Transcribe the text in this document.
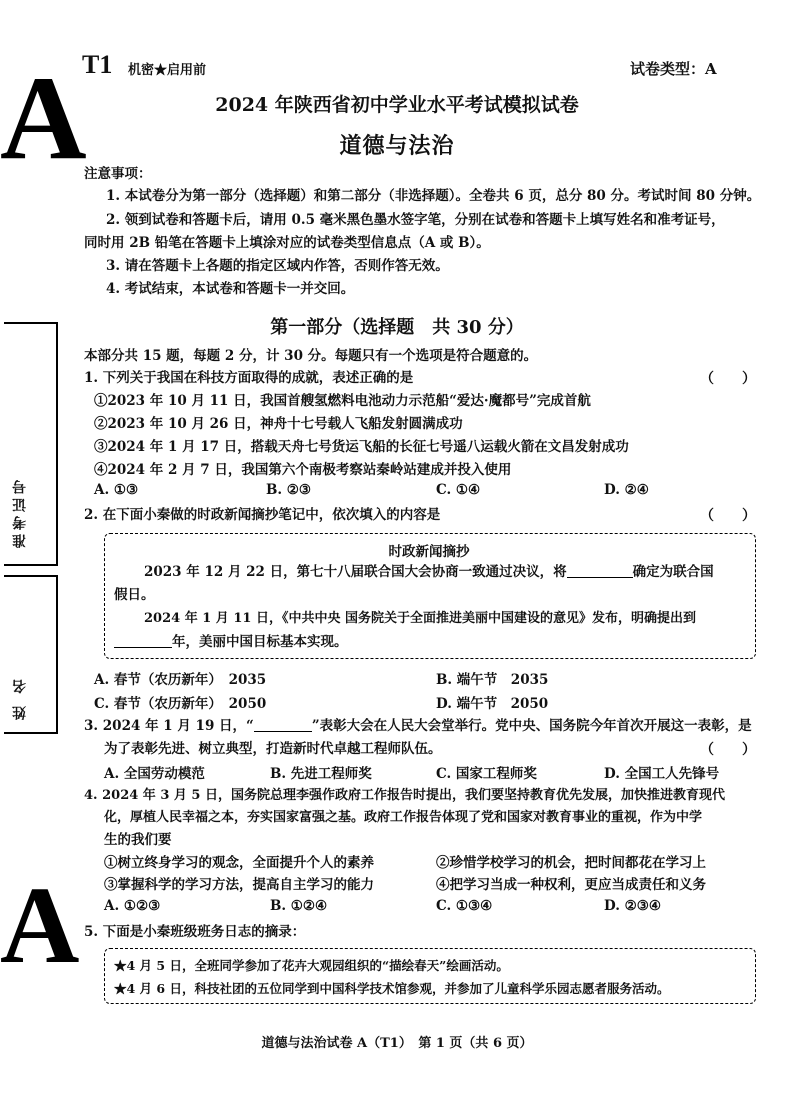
T1 机密★启用前	试卷类型：A
2024 年陕西省初中学业水平考试模拟试卷
道德与法治
A
A
准考证号
姓 名
注意事项：
1. 本试卷分为第一部分（选择题）和第二部分（非选择题）。全卷共 6 页，总分 80 分。考试时间 80 分钟。
2. 领到试卷和答题卡后，请用 0.5 毫米黑色墨水签字笔，分别在试卷和答题卡上填写姓名和准考证号，
同时用 2B 铅笔在答题卡上填涂对应的试卷类型信息点（A 或 B）。
3. 请在答题卡上各题的指定区域内作答，否则作答无效。
4. 考试结束，本试卷和答题卡一并交回。
第一部分（选择题　共 30 分）
本部分共 15 题，每题 2 分，计 30 分。每题只有一个选项是符合题意的。
1. 下列关于我国在科技方面取得的成就，表述正确的是	（　　）
①2023 年 10 月 11 日，我国首艘氢燃料电池动力示范船“爱达·魔都号”完成首航
②2023 年 10 月 26 日，神舟十七号载人飞船发射圆满成功
③2024 年 1 月 17 日，搭载天舟七号货运飞船的长征七号遥八运载火箭在文昌发射成功
④2024 年 2 月 7 日，我国第六个南极考察站秦岭站建成并投入使用
A. ①③	B. ②③	C. ①④	D. ②④
2. 在下面小秦做的时政新闻摘抄笔记中，依次填入的内容是	（　　）
时政新闻摘抄
2023 年 12 月 22 日，第七十八届联合国大会协商一致通过决议，将	确定为联合国
假日。
2024 年 1 月 11 日，《中共中央 国务院关于全面推进美丽中国建设的意见》发布，明确提出到
年，美丽中国目标基本实现。
A. 春节（农历新年）　2035	B. 端午节　2035
C. 春节（农历新年）　2050	D. 端午节　2050
3. 2024 年 1 月 19 日，“	”表彰大会在人民大会堂举行。党中央、国务院今年首次开展这一表彰，是
为了表彰先进、树立典型，打造新时代卓越工程师队伍。	（　　）
A. 全国劳动模范	B. 先进工程师奖	C. 国家工程师奖	D. 全国工人先锋号
4. 2024 年 3 月 5 日，国务院总理李强作政府工作报告时提出，我们要坚持教育优先发展，加快推进教育现代
化，厚植人民幸福之本，夯实国家富强之基。政府工作报告体现了党和国家对教育事业的重视，作为中学
生的我们要
①树立终身学习的观念，全面提升个人的素养	②珍惜学校学习的机会，把时间都花在学习上
③掌握科学的学习方法，提高自主学习的能力	④把学习当成一种权利，更应当成责任和义务
A. ①②③	B. ①②④	C. ①③④	D. ②③④
5. 下面是小秦班级班务日志的摘录：
★4 月 5 日，全班同学参加了花卉大观园组织的“描绘春天”绘画活动。
★4 月 6 日，科技社团的五位同学到中国科学技术馆参观，并参加了儿童科学乐园志愿者服务活动。
道德与法治试卷 A（T1）　第 1 页（共 6 页）
